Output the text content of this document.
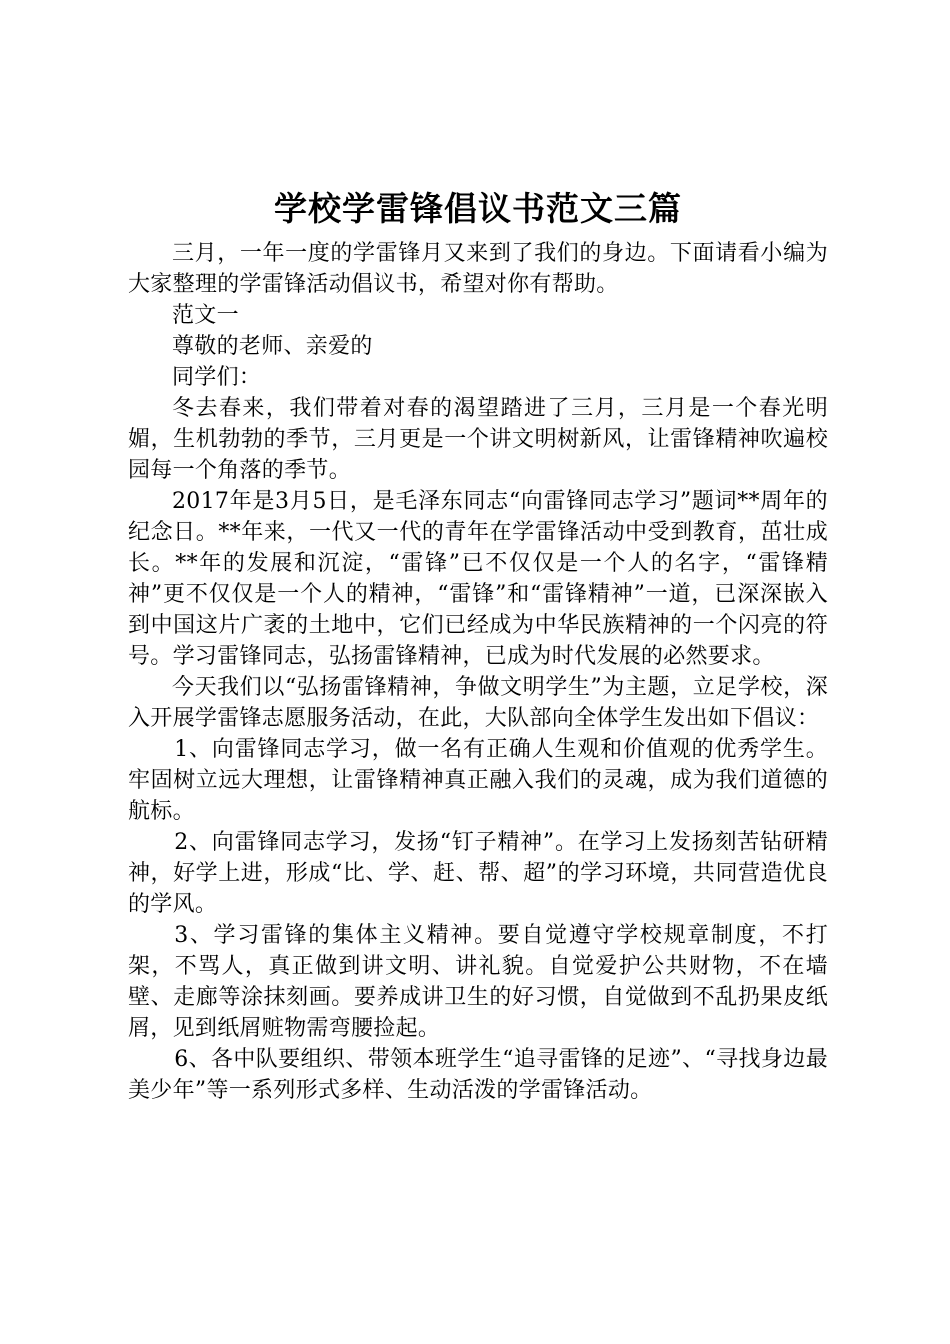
学校学雷锋倡议书范文三篇

三月，一年一度的学雷锋月又来到了我们的身边。下面请看小编为大家整理的学雷锋活动倡议书，希望对你有帮助。

范文一

尊敬的老师、亲爱的

同学们：

冬去春来，我们带着对春的渴望踏进了三月，三月是一个春光明媚，生机勃勃的季节，三月更是一个讲文明树新风，让雷锋精神吹遍校园每一个角落的季节。

2017年是3月5日，是毛泽东同志“向雷锋同志学习”题词**周年的纪念日。**年来，一代又一代的青年在学雷锋活动中受到教育，茁壮成长。**年的发展和沉淀，“雷锋”已不仅仅是一个人的名字，“雷锋精神”更不仅仅是一个人的精神，“雷锋”和“雷锋精神”一道，已深深嵌入到中国这片广袤的土地中，它们已经成为中华民族精神的一个闪亮的符号。学习雷锋同志，弘扬雷锋精神，已成为时代发展的必然要求。

今天我们以“弘扬雷锋精神，争做文明学生”为主题，立足学校，深入开展学雷锋志愿服务活动，在此，大队部向全体学生发出如下倡议：

1、向雷锋同志学习，做一名有正确人生观和价值观的优秀学生。牢固树立远大理想，让雷锋精神真正融入我们的灵魂，成为我们道德的航标。

2、向雷锋同志学习，发扬“钉子精神”。在学习上发扬刻苦钻研精神，好学上进，形成“比、学、赶、帮、超”的学习环境，共同营造优良的学风。

3、学习雷锋的集体主义精神。要自觉遵守学校规章制度，不打架，不骂人，真正做到讲文明、讲礼貌。自觉爱护公共财物，不在墙壁、走廊等涂抹刻画。要养成讲卫生的好习惯，自觉做到不乱扔果皮纸屑，见到纸屑赃物需弯腰捡起。

6、各中队要组织、带领本班学生“追寻雷锋的足迹”、“寻找身边最美少年”等一系列形式多样、生动活泼的学雷锋活动。
